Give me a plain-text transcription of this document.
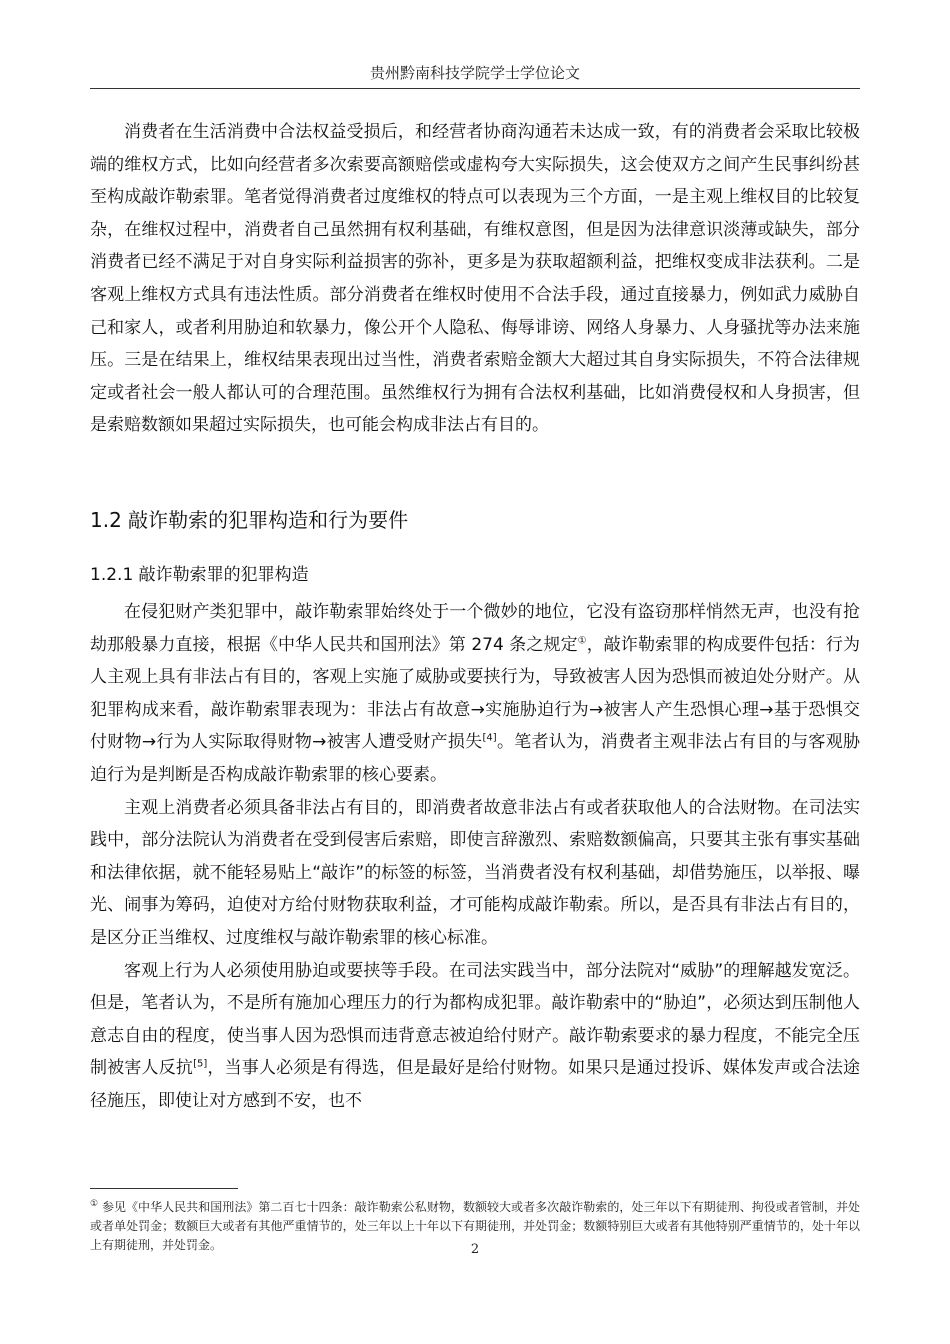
贵州黔南科技学院学士学位论文

消费者在生活消费中合法权益受损后，和经营者协商沟通若未达成一致，有的消费者会采取比较极端的维权方式，比如向经营者多次索要高额赔偿或虚构夸大实际损失，这会使双方之间产生民事纠纷甚至构成敲诈勒索罪。笔者觉得消费者过度维权的特点可以表现为三个方面，一是主观上维权目的比较复杂，在维权过程中，消费者自己虽然拥有权利基础，有维权意图，但是因为法律意识淡薄或缺失，部分消费者已经不满足于对自身实际利益损害的弥补，更多是为获取超额利益，把维权变成非法获利。二是客观上维权方式具有违法性质。部分消费者在维权时使用不合法手段，通过直接暴力，例如武力威胁自己和家人，或者利用胁迫和软暴力，像公开个人隐私、侮辱诽谤、网络人身暴力、人身骚扰等办法来施压。三是在结果上，维权结果表现出过当性，消费者索赔金额大大超过其自身实际损失，不符合法律规定或者社会一般人都认可的合理范围。虽然维权行为拥有合法权利基础，比如消费侵权和人身损害，但是索赔数额如果超过实际损失，也可能会构成非法占有目的。

1.2 敲诈勒索的犯罪构造和行为要件
1.2.1 敲诈勒索罪的犯罪构造

在侵犯财产类犯罪中，敲诈勒索罪始终处于一个微妙的地位，它没有盗窃那样悄然无声，也没有抢劫那般暴力直接，根据《中华人民共和国刑法》第 274 条之规定①，敲诈勒索罪的构成要件包括：行为人主观上具有非法占有目的，客观上实施了威胁或要挟行为，导致被害人因为恐惧而被迫处分财产。从犯罪构成来看，敲诈勒索罪表现为：非法占有故意→实施胁迫行为→被害人产生恐惧心理→基于恐惧交付财物→行为人实际取得财物→被害人遭受财产损失[4]。笔者认为，消费者主观非法占有目的与客观胁迫行为是判断是否构成敲诈勒索罪的核心要素。

主观上消费者必须具备非法占有目的，即消费者故意非法占有或者获取他人的合法财物。在司法实践中，部分法院认为消费者在受到侵害后索赔，即使言辞激烈、索赔数额偏高，只要其主张有事实基础和法律依据，就不能轻易贴上“敲诈”的标签的标签，当消费者没有权利基础，却借势施压，以举报、曝光、闹事为筹码，迫使对方给付财物获取利益，才可能构成敲诈勒索。所以，是否具有非法占有目的，是区分正当维权、过度维权与敲诈勒索罪的核心标准。

客观上行为人必须使用胁迫或要挟等手段。在司法实践当中，部分法院对“威胁”的理解越发宽泛。但是，笔者认为，不是所有施加心理压力的行为都构成犯罪。敲诈勒索中的“胁迫”，必须达到压制他人意志自由的程度，使当事人因为恐惧而违背意志被迫给付财产。敲诈勒索要求的暴力程度，不能完全压制被害人反抗[5]，当事人必须是有得选，但是最好是给付财物。如果只是通过投诉、媒体发声或合法途径施压，即使让对方感到不安，也不

① 参见《中华人民共和国刑法》第二百七十四条：敲诈勒索公私财物，数额较大或者多次敲诈勒索的，处三年以下有期徒刑、拘役或者管制，并处或者单处罚金；数额巨大或者有其他严重情节的，处三年以上十年以下有期徒刑，并处罚金；数额特别巨大或者有其他特别严重情节的，处十年以上有期徒刑，并处罚金。	2
